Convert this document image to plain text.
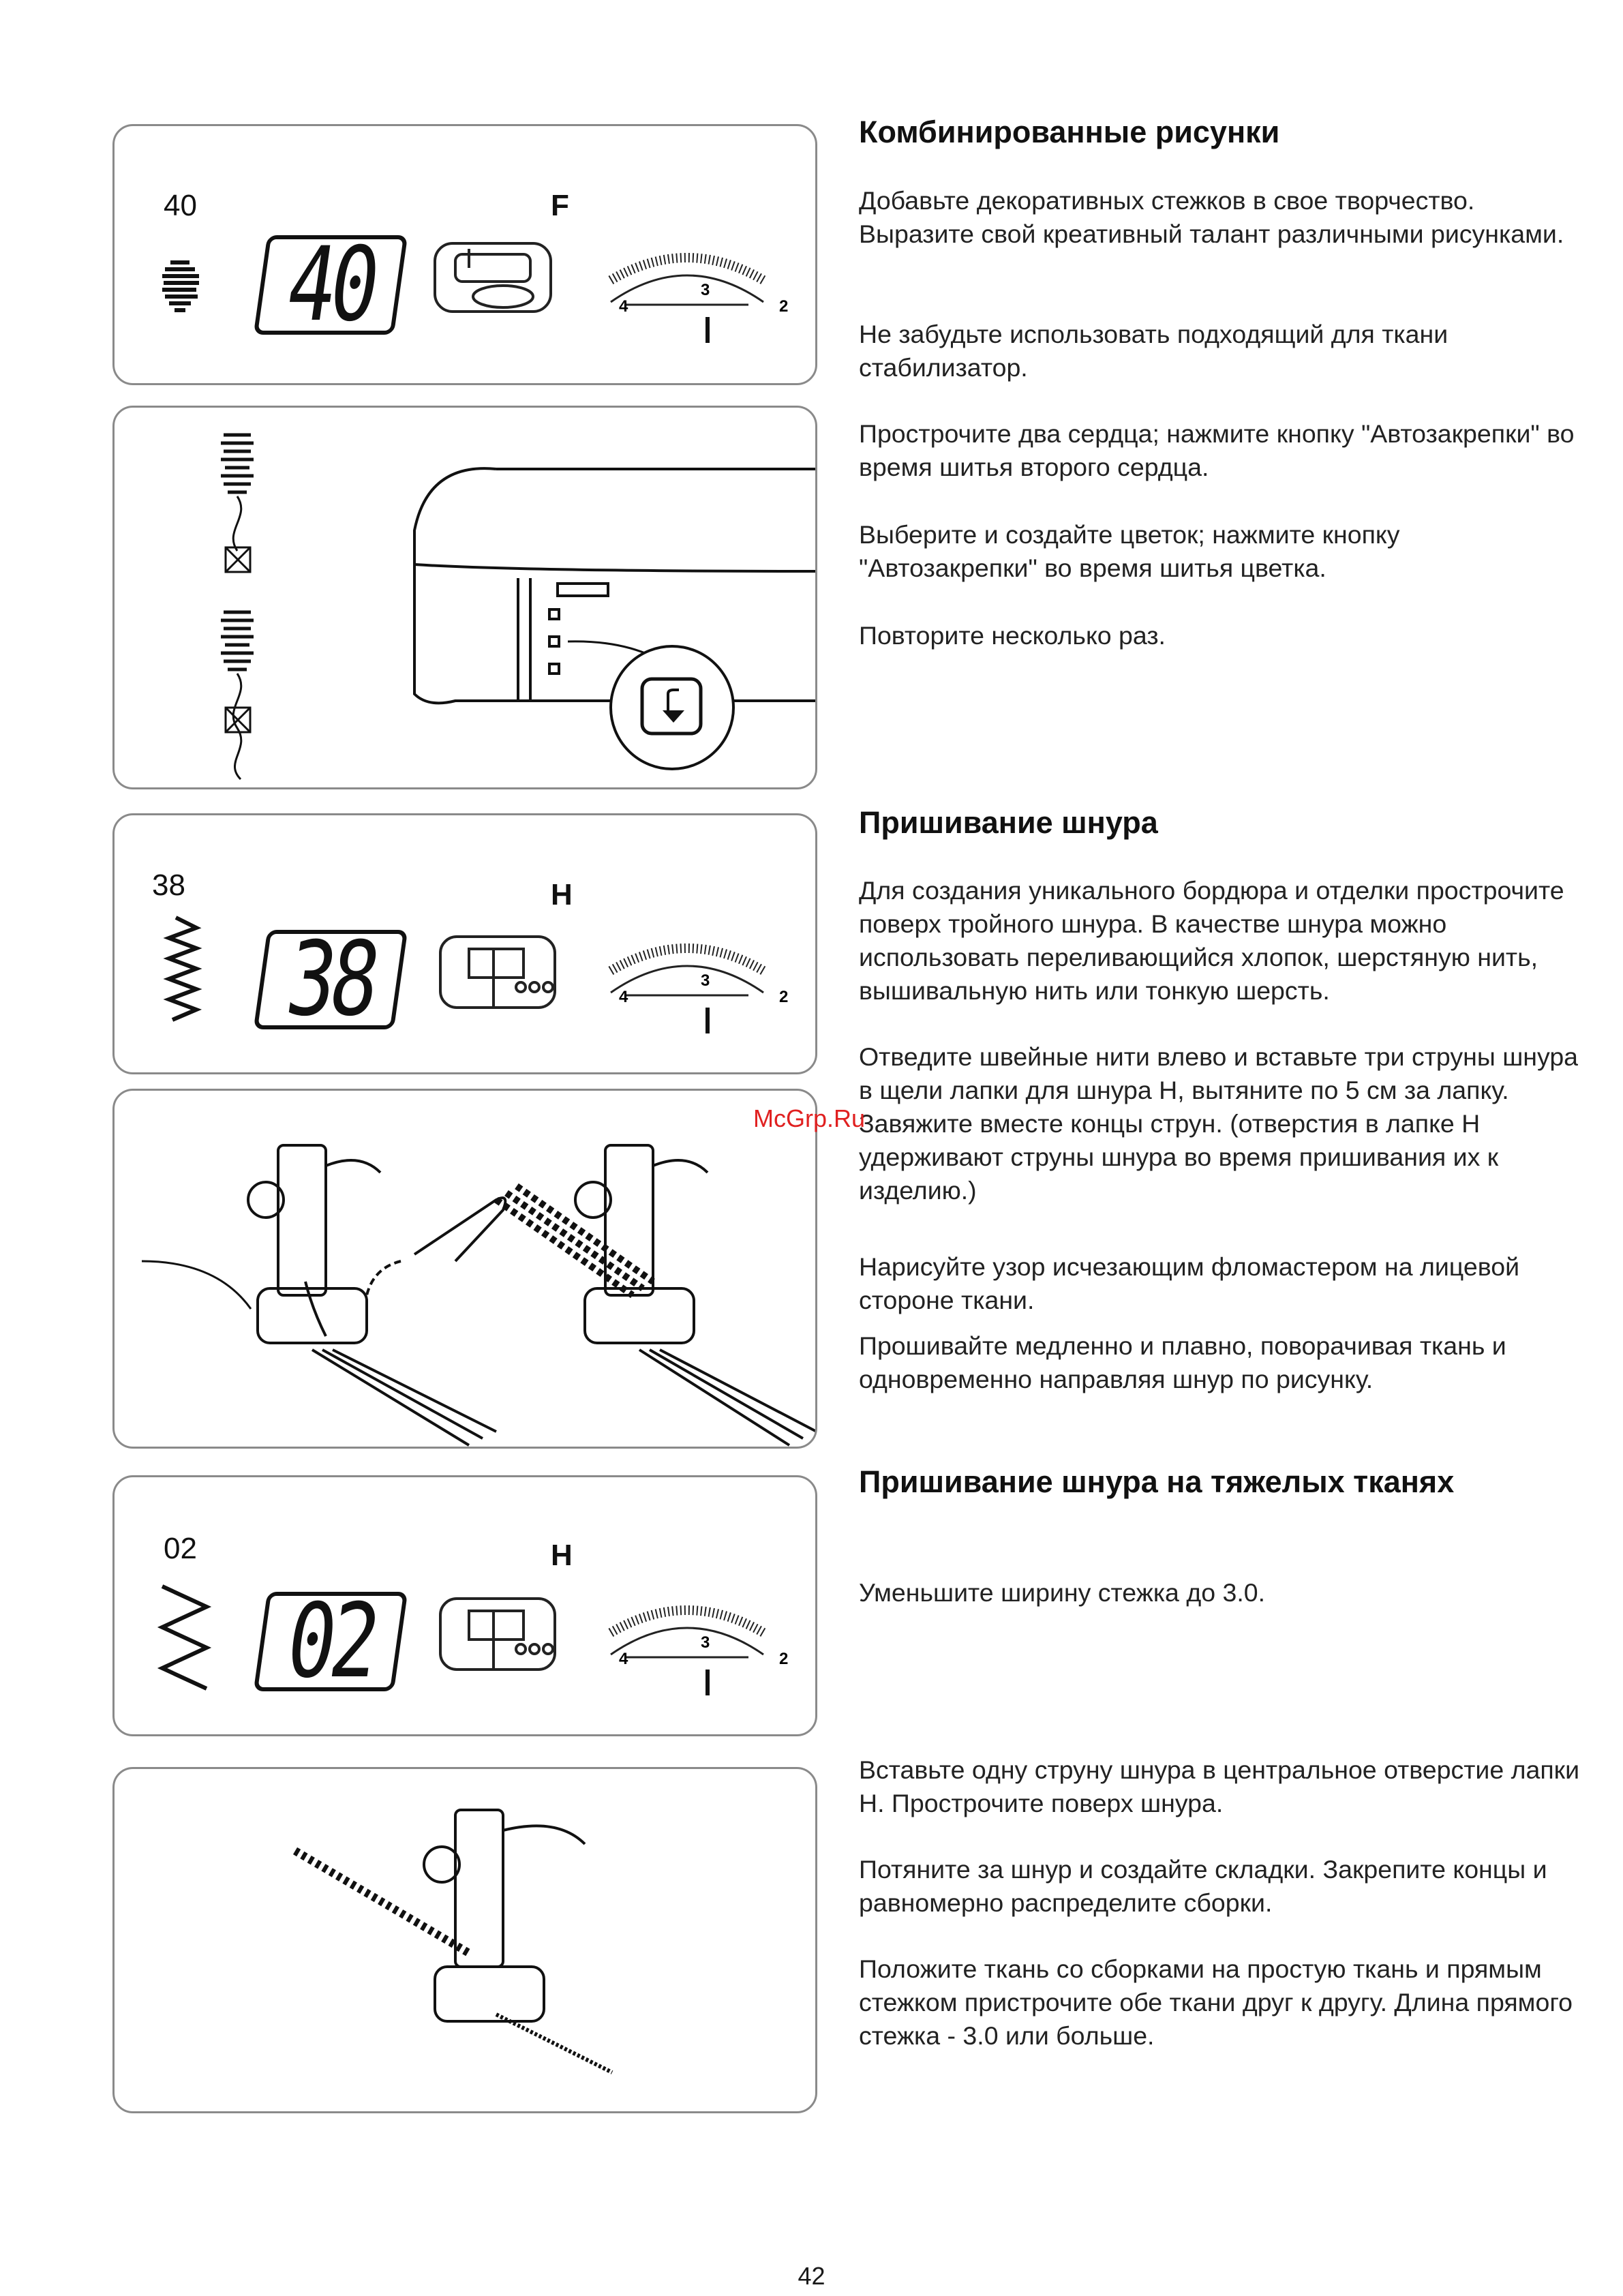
40	F
40	4
3
2
38	H
38	4
3
2
02	H
02	4
3
2
Комбинированные рисунки

Добавьте декоративных стежков в свое творчество. Выразите свой креативный талант различными рисунками.

Не забудьте использовать подходящий для ткани стабилизатор.

Прострочите два сердца; нажмите кнопку "Автозакрепки" во время шитья второго сердца.

Выберите и создайте цветок; нажмите кнопку "Автозакрепки" во время шитья цветка.

Повторите несколько раз.

Пришивание шнура

Для создания уникального бордюра и отделки прострочите поверх тройного шнура. В качестве шнура можно использовать переливающийся хлопок, шерстяную нить, вышивальную нить или тонкую шерсть.

Отведите швейные нити влево и вставьте три струны шнура в щели лапки для шнура H, вытяните по 5 см за лапку. Завяжите вместе концы струн. (отверстия в лапке H удерживают струны шнура во время пришивания их к изделию.)

Нарисуйте узор исчезающим фломастером на лицевой стороне ткани.

Прошивайте медленно и плавно, поворачивая ткань и одновременно направляя шнур по рисунку.

Пришивание шнура на тяжелых тканях

Уменьшите ширину стежка до 3.0.

Вставьте одну струну шнура в центральное отверстие лапки H. Прострочите поверх шнура.

Потяните за шнур и создайте складки. Закрепите концы и равномерно распределите сборки.

Положите ткань со сборками на простую ткань и прямым стежком пристрочите обе ткани друг к другу. Длина прямого стежка - 3.0 или больше.

McGrp.Ru
42
